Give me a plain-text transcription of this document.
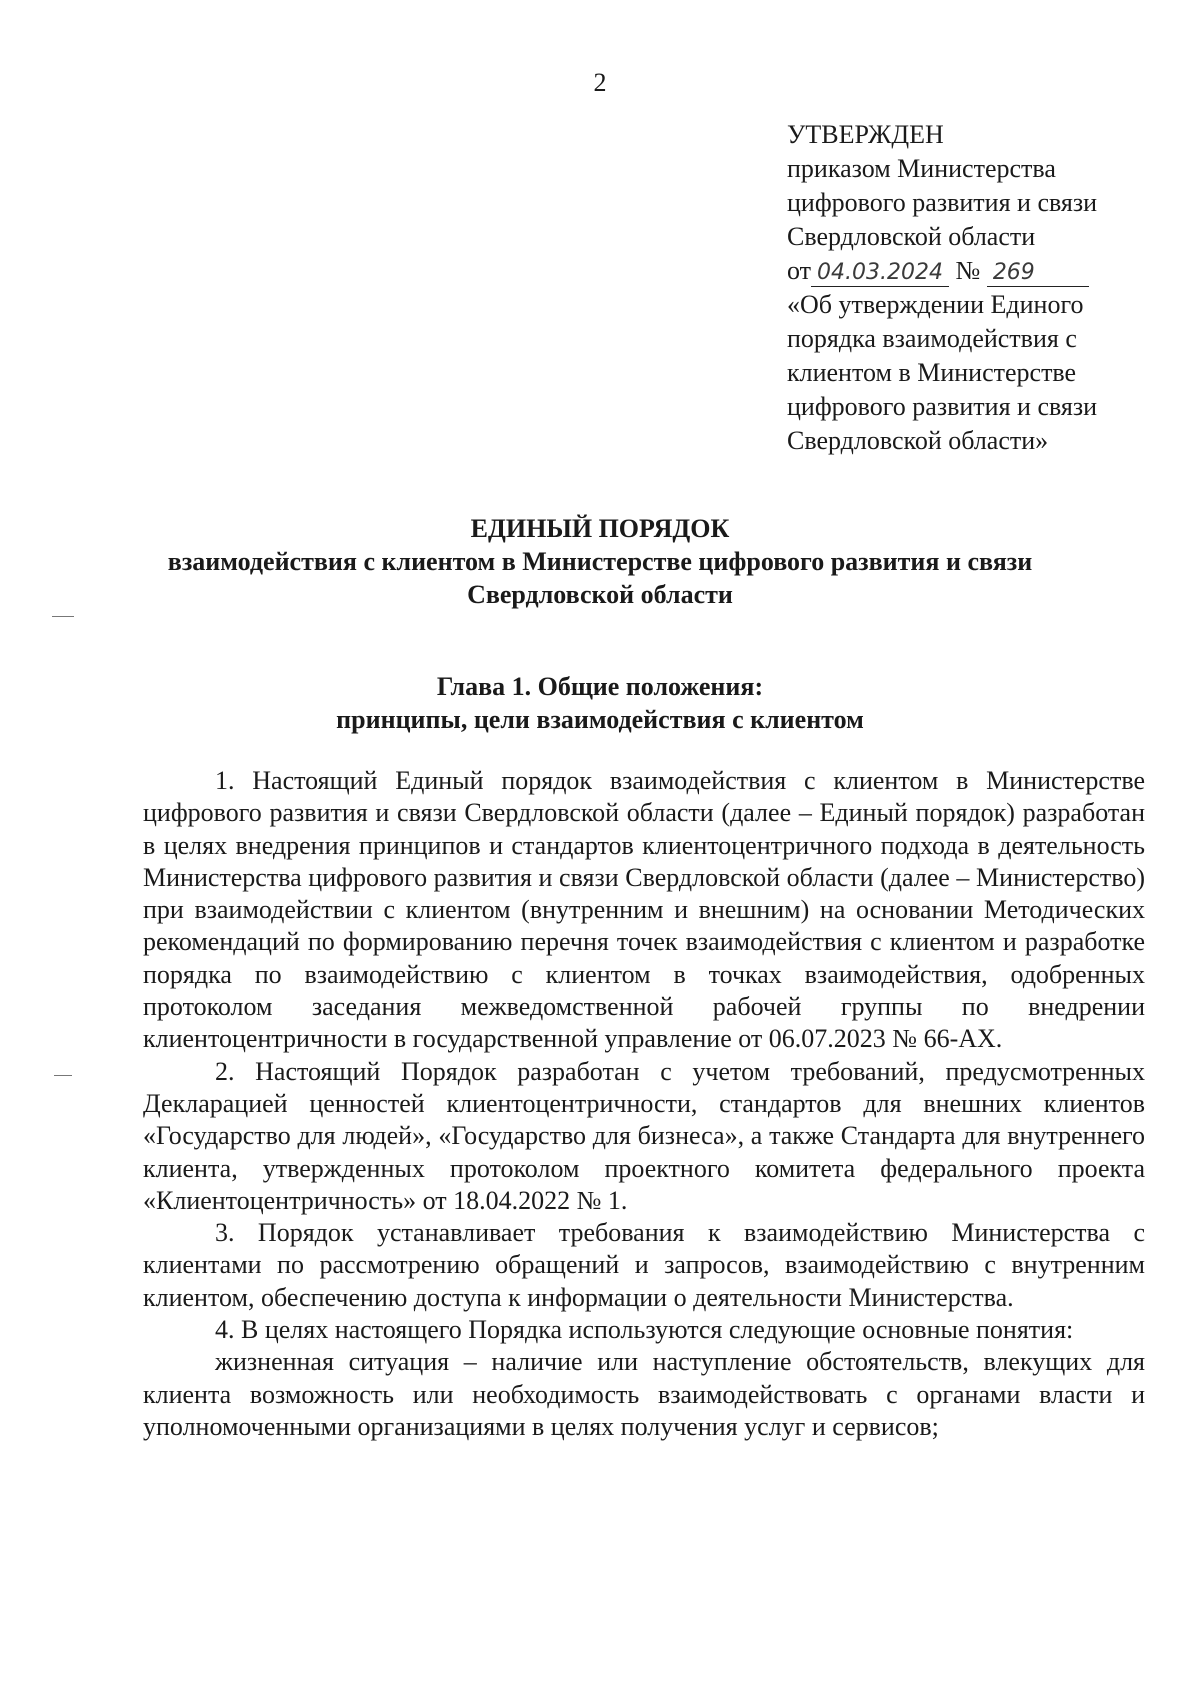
2
УТВЕРЖДЕН
приказом Министерства
цифрового развития и связи
Свердловской области
от 04.03.2024 № 269
«Об утверждении Единого
порядка взаимодействия с
клиентом в Министерстве
цифрового развития и связи
Свердловской области»
ЕДИНЫЙ ПОРЯДОК
взаимодействия с клиентом в Министерстве цифрового развития и связи
Свердловской области
Глава 1. Общие положения:
принципы, цели взаимодействия с клиентом

1. Настоящий Единый порядок взаимодействия с клиентом в Министерстве цифрового развития и связи Свердловской области (далее – Единый порядок) разработан в целях внедрения принципов и стандартов клиентоцентричного подхода в деятельность Министерства цифрового развития и связи Свердловской области (далее – Министерство) при взаимодействии с клиентом (внутренним и внешним) на основании Методических рекомендаций по формированию перечня точек взаимодействия с клиентом и разработке порядка по взаимодействию с клиентом в точках взаимодействия, одобренных протоколом заседания межведомственной рабочей группы по внедрении клиентоцентричности в государственной управление от 06.07.2023 № 66-АХ.

2. Настоящий Порядок разработан с учетом требований, предусмотренных Декларацией ценностей клиентоцентричности, стандартов для внешних клиентов «Государство для людей», «Государство для бизнеса», а также Стандарта для внутреннего клиента, утвержденных протоколом проектного комитета федерального проекта «Клиентоцентричность» от 18.04.2022 № 1.

3. Порядок устанавливает требования к взаимодействию Министерства с клиентами по рассмотрению обращений и запросов, взаимодействию с внутренним клиентом, обеспечению доступа к информации о деятельности Министерства.

4. В целях настоящего Порядка используются следующие основные понятия:

жизненная ситуация – наличие или наступление обстоятельств, влекущих для клиента возможность или необходимость взаимодействовать с органами власти и уполномоченными организациями в целях получения услуг и сервисов;
